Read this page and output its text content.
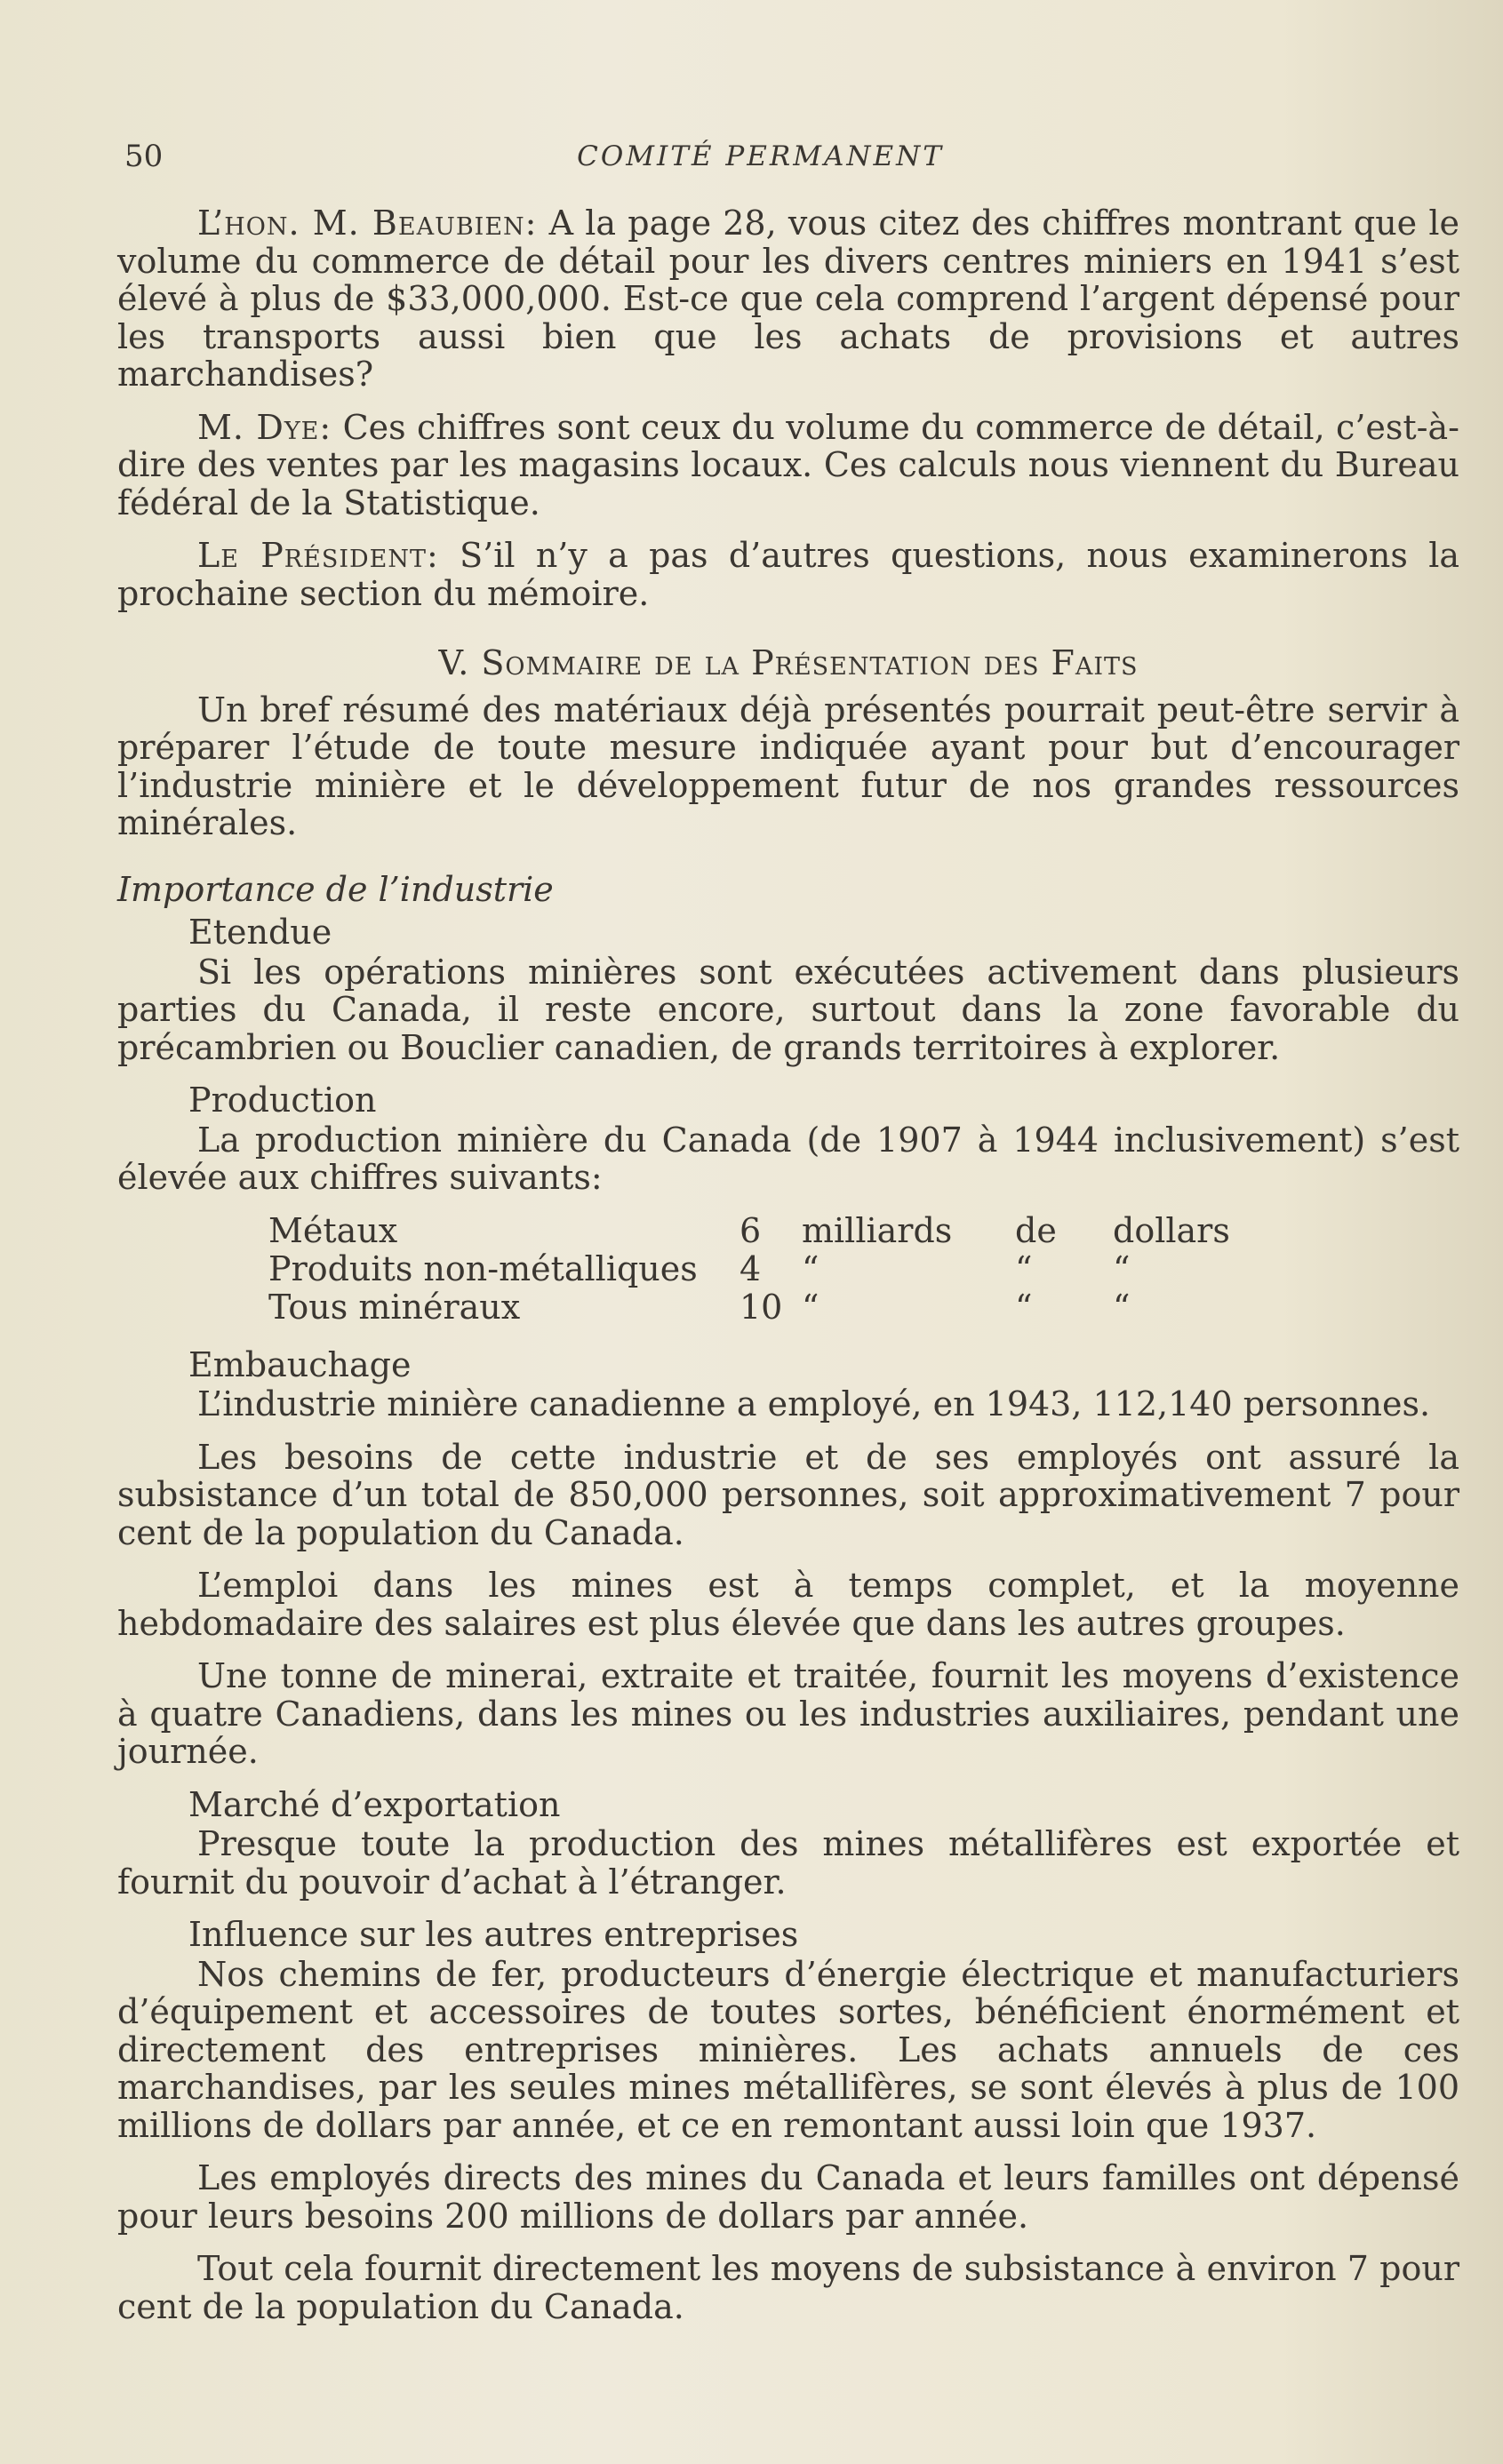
50	COMITÉ PERMANENT

L’hon. M. Beaubien: A la page 28, vous citez des chiffres montrant que le volume du commerce de détail pour les divers centres miniers en 1941 s’est élevé à plus de $33,000,000. Est-ce que cela comprend l’argent dépensé pour les transports aussi bien que les achats de provisions et autres marchandises?

M. Dye: Ces chiffres sont ceux du volume du commerce de détail, c’est-à-dire des ventes par les magasins locaux. Ces calculs nous viennent du Bureau fédéral de la Statistique.

Le Président: S’il n’y a pas d’autres questions, nous examinerons la prochaine section du mémoire.

V. Sommaire de la Présentation des Faits

Un bref résumé des matériaux déjà présentés pourrait peut-être servir à préparer l’étude de toute mesure indiquée ayant pour but d’encourager l’industrie minière et le développement futur de nos grandes ressources minérales.

Importance de l’industrie
Etendue

Si les opérations minières sont exécutées activement dans plusieurs parties du Canada, il reste encore, surtout dans la zone favorable du précambrien ou Bouclier canadien, de grands territoires à explorer.

Production

La production minière du Canada (de 1907 à 1944 inclusivement) s’est élevée aux chiffres suivants:

Métaux	6	milliards	de	dollars
Produits non-métalliques	4	“	“	“
Tous minéraux	10	“	“	“
Embauchage

L’industrie minière canadienne a employé, en 1943, 112,140 personnes.

Les besoins de cette industrie et de ses employés ont assuré la subsistance d’un total de 850,000 personnes, soit approximativement 7 pour cent de la population du Canada.

L’emploi dans les mines est à temps complet, et la moyenne hebdomadaire des salaires est plus élevée que dans les autres groupes.

Une tonne de minerai, extraite et traitée, fournit les moyens d’existence à quatre Canadiens, dans les mines ou les industries auxiliaires, pendant une journée.

Marché d’exportation

Presque toute la production des mines métallifères est exportée et fournit du pouvoir d’achat à l’étranger.

Influence sur les autres entreprises

Nos chemins de fer, producteurs d’énergie électrique et manufacturiers d’équipement et accessoires de toutes sortes, bénéficient énormément et directement des entreprises minières. Les achats annuels de ces marchandises, par les seules mines métallifères, se sont élevés à plus de 100 millions de dollars par année, et ce en remontant aussi loin que 1937.

Les employés directs des mines du Canada et leurs familles ont dépensé pour leurs besoins 200 millions de dollars par année.

Tout cela fournit directement les moyens de subsistance à environ 7 pour cent de la population du Canada.
